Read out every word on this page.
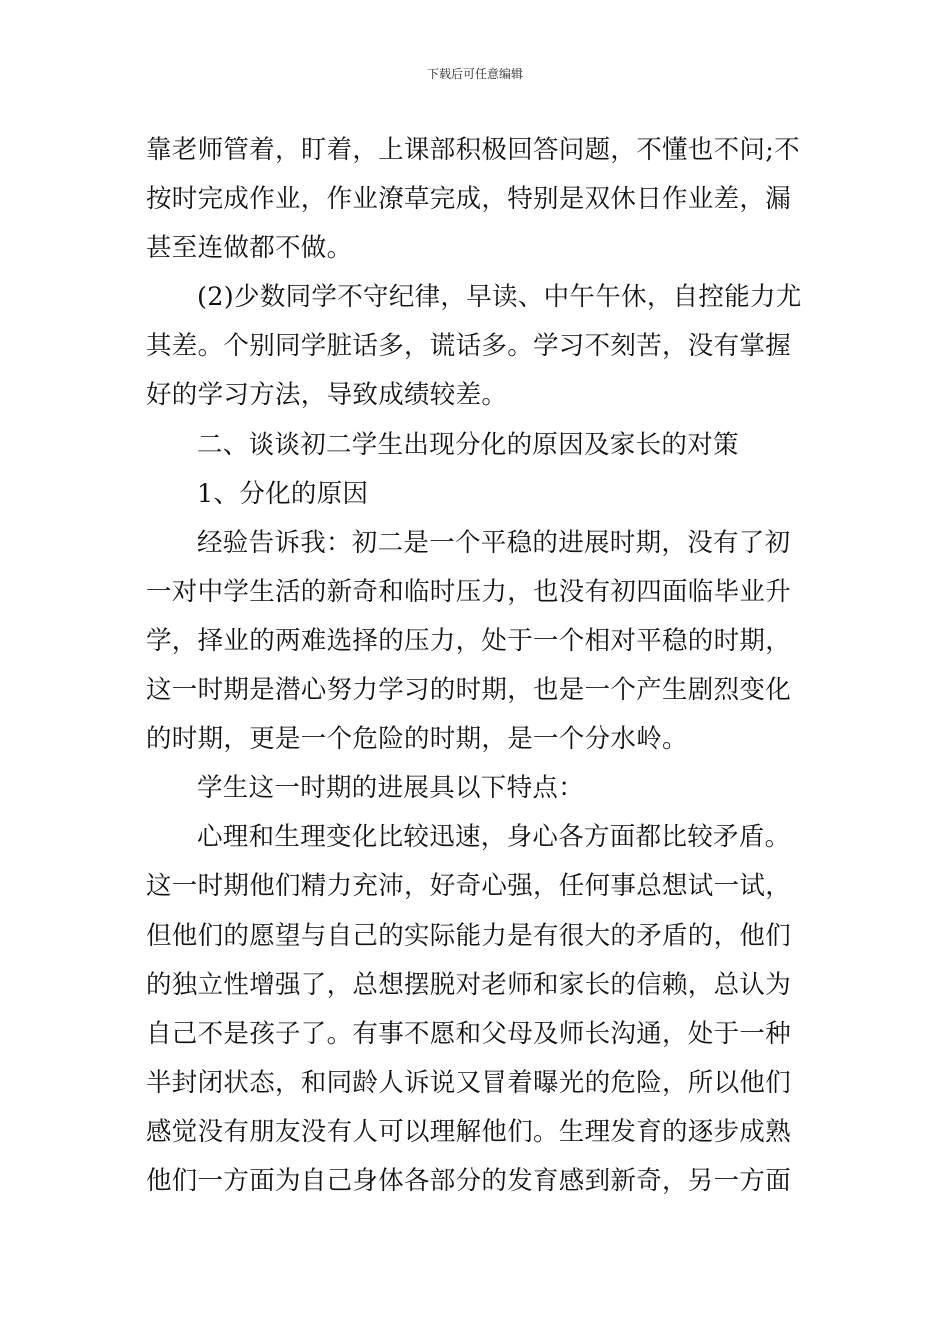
下载后可任意编辑
靠老师管着，盯着，上课部积极回答问题，不懂也不问;不
按时完成作业，作业潦草完成，特别是双休日作业差，漏
甚至连做都不做。
(2)少数同学不守纪律，早读、中午午休，自控能力尤
其差。个别同学脏话多，谎话多。学习不刻苦，没有掌握
好的学习方法，导致成绩较差。
二、谈谈初二学生出现分化的原因及家长的对策
1、分化的原因
经验告诉我：初二是一个平稳的进展时期，没有了初
一对中学生活的新奇和临时压力，也没有初四面临毕业升
学，择业的两难选择的压力，处于一个相对平稳的时期，
这一时期是潜心努力学习的时期，也是一个产生剧烈变化
的时期，更是一个危险的时期，是一个分水岭。
学生这一时期的进展具以下特点：
心理和生理变化比较迅速，身心各方面都比较矛盾。
这一时期他们精力充沛，好奇心强，任何事总想试一试，
但他们的愿望与自己的实际能力是有很大的矛盾的，他们
的独立性增强了，总想摆脱对老师和家长的信赖，总认为
自己不是孩子了。有事不愿和父母及师长沟通，处于一种
半封闭状态，和同龄人诉说又冒着曝光的危险，所以他们
感觉没有朋友没有人可以理解他们。生理发育的逐步成熟
他们一方面为自己身体各部分的发育感到新奇，另一方面
